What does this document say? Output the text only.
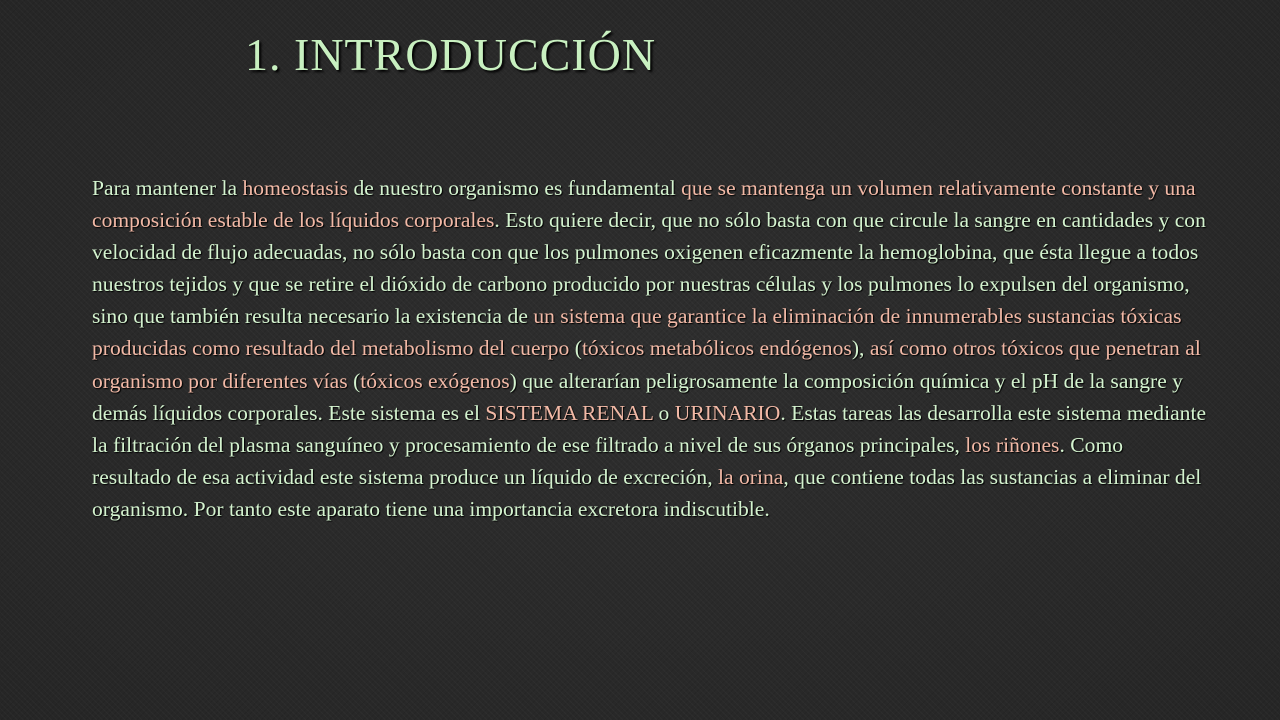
1. INTRODUCCIÓN

Para mantener la homeostasis de nuestro organismo es fundamental que se mantenga un volumen relativamente constante y una composición estable de los líquidos corporales. Esto quiere decir, que no sólo basta con que circule la sangre en cantidades y con velocidad de flujo adecuadas, no sólo basta con que los pulmones oxigenen eficazmente la hemoglobina, que ésta llegue a todos nuestros tejidos y que se retire el dióxido de carbono producido por nuestras células y los pulmones lo expulsen del organismo, sino que también resulta necesario la existencia de un sistema que garantice la eliminación de innumerables sustancias tóxicas producidas como resultado del metabolismo del cuerpo (tóxicos metabólicos endógenos), así como otros tóxicos que penetran al organismo por diferentes vías (tóxicos exógenos) que alterarían peligrosamente la composición química y el pH de la sangre y demás líquidos corporales. Este sistema es el SISTEMA RENAL o URINARIO. Estas tareas las desarrolla este sistema mediante la filtración del plasma sanguíneo y procesamiento de ese filtrado a nivel de sus órganos principales, los riñones. Como resultado de esa actividad este sistema produce un líquido de excreción, la orina, que contiene todas las sustancias a eliminar del organismo. Por tanto este aparato tiene una importancia excretora indiscutible.
